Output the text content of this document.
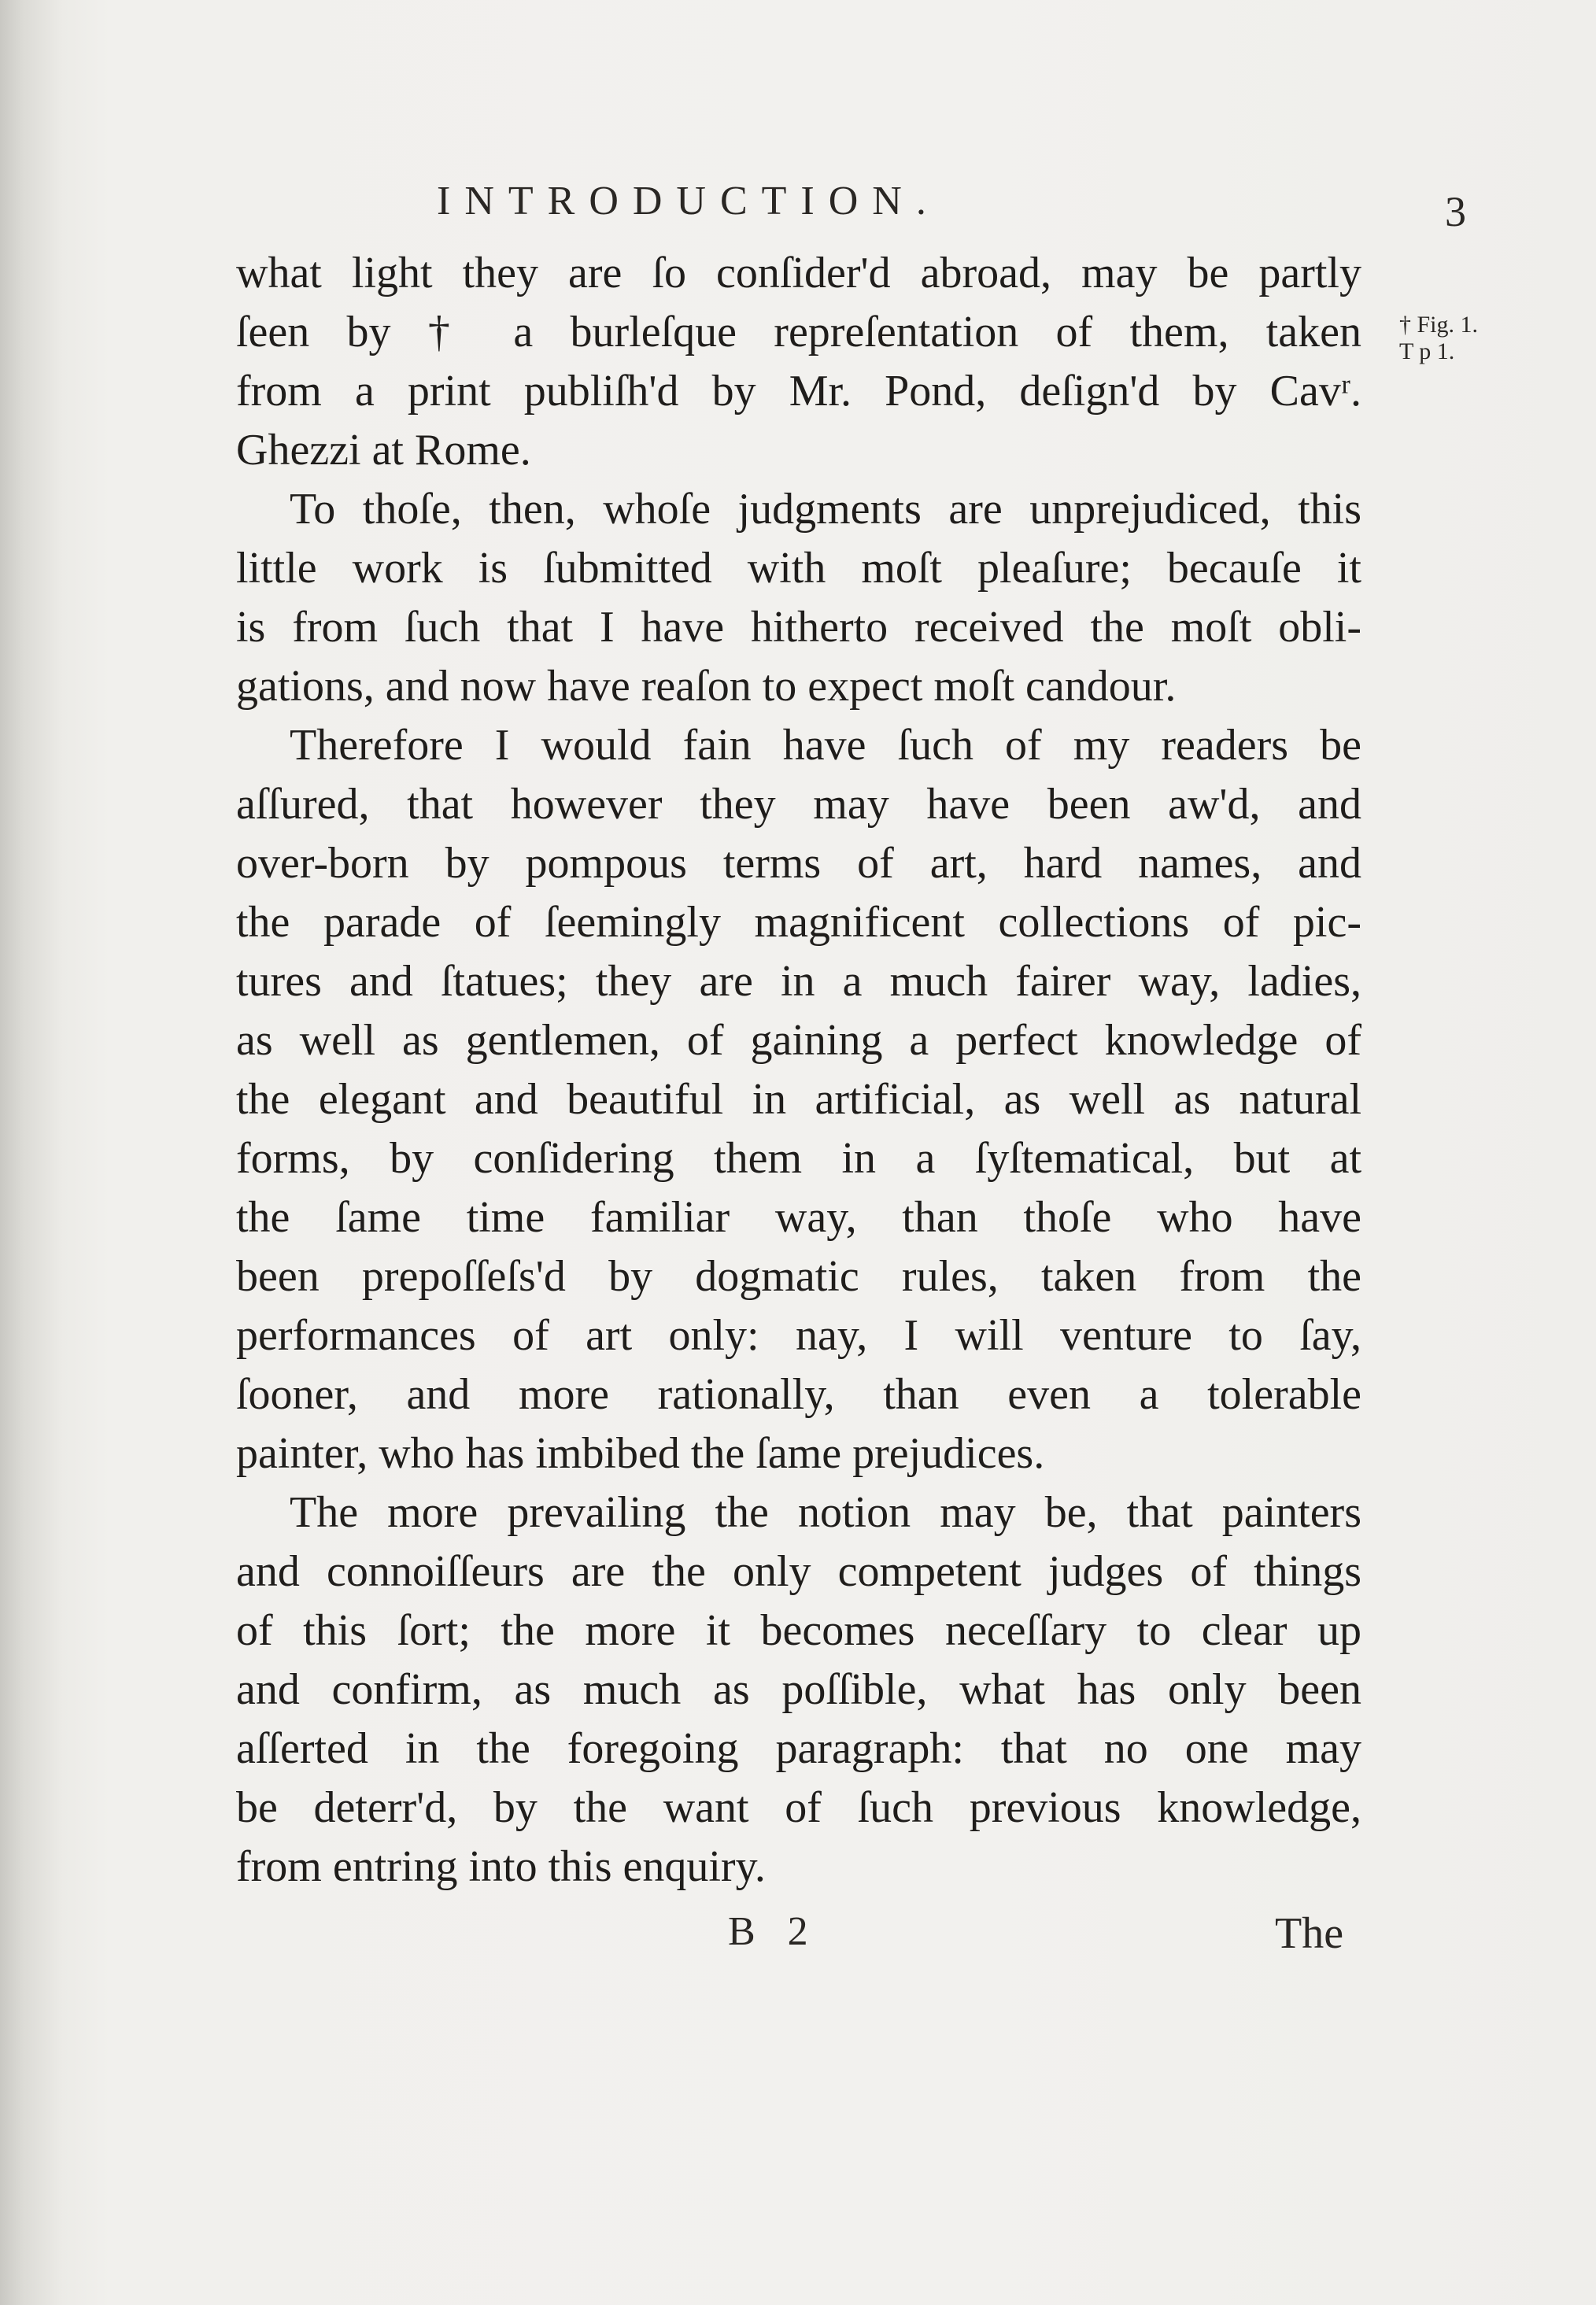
INTRODUCTION.	3
† Fig. 1.
T p 1.
what light they are ſo conſider'd abroad, may be partly
ſeen by † a burleſque repreſentation of them, taken
from a print publiſh'd by Mr. Pond, deſign'd by Cavʳ.
Ghezzi at Rome.
To thoſe, then, whoſe judgments are unprejudiced, this
little work is ſubmitted with moſt pleaſure; becauſe it
is from ſuch that I have hitherto received the moſt obli-
gations, and now have reaſon to expect moſt candour.
Therefore I would fain have ſuch of my readers be
aſſured, that however they may have been aw'd, and
over-born by pompous terms of art, hard names, and
the parade of ſeemingly magnificent collections of pic-
tures and ſtatues; they are in a much fairer way, ladies,
as well as gentlemen, of gaining a perfect knowledge of
the elegant and beautiful in artificial, as well as natural
forms, by conſidering them in a ſyſtematical, but at
the ſame time familiar way, than thoſe who have
been prepoſſeſs'd by dogmatic rules, taken from the
performances of art only: nay, I will venture to ſay,
ſooner, and more rationally, than even a tolerable
painter, who has imbibed the ſame prejudices.
The more prevailing the notion may be, that painters
and connoiſſeurs are the only competent judges of things
of this ſort; the more it becomes neceſſary to clear up
and confirm, as much as poſſible, what has only been
aſſerted in the foregoing paragraph: that no one may
be deterr'd, by the want of ſuch previous knowledge,
from entring into this enquiry.
B 2	The
